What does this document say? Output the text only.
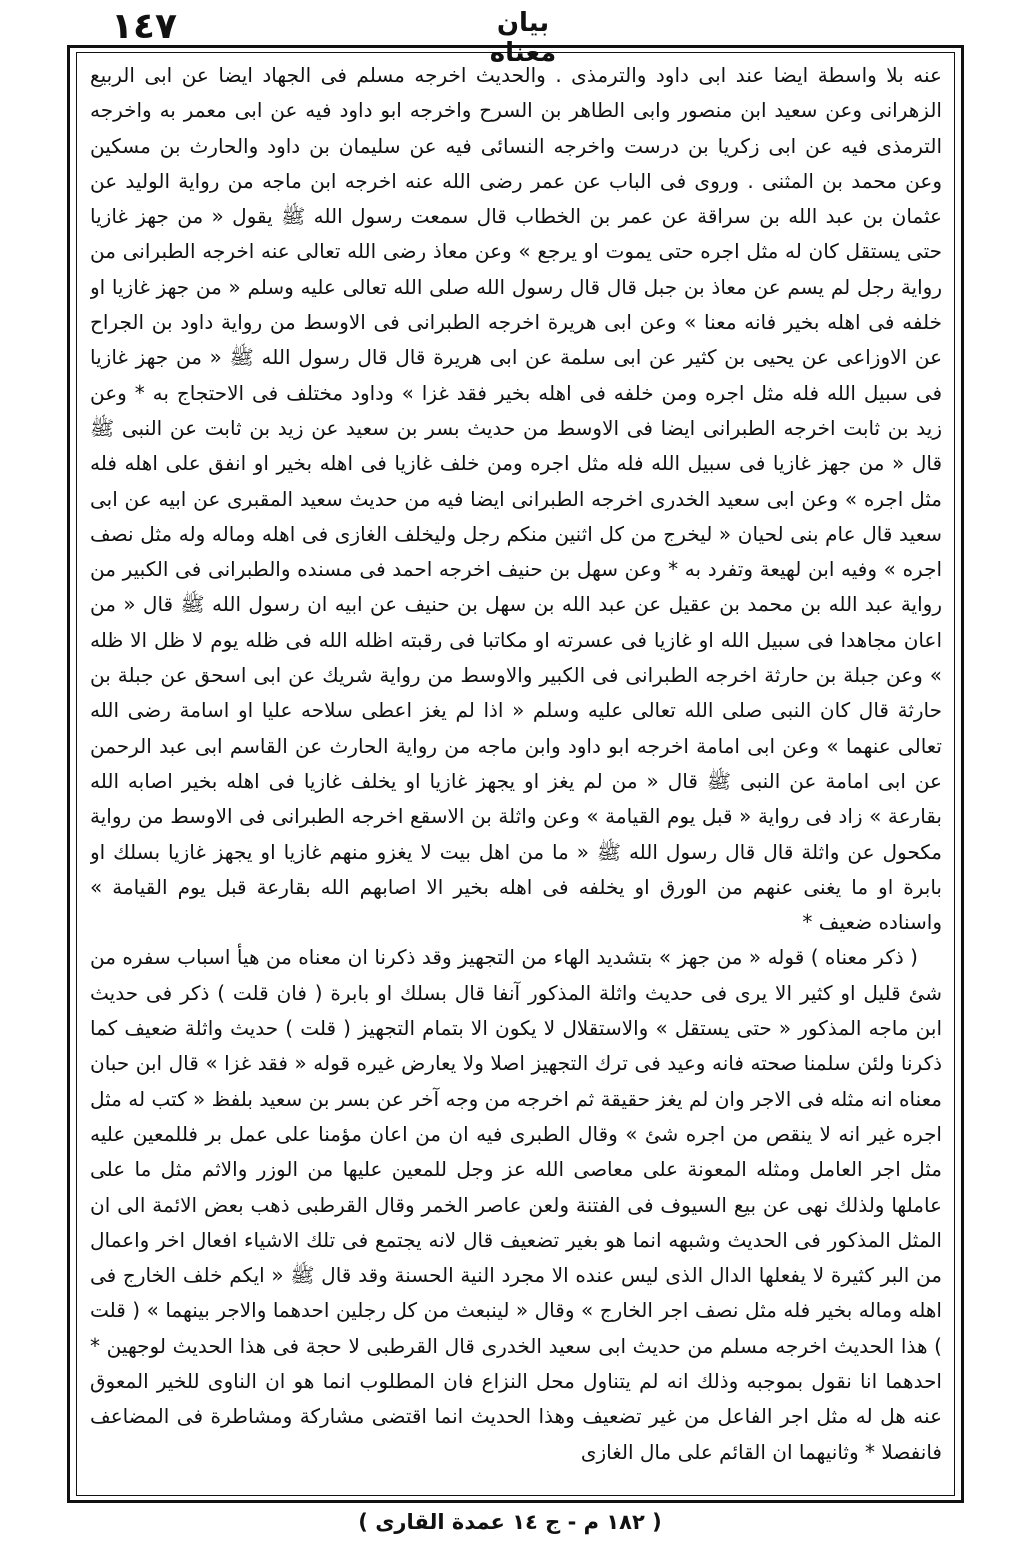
١٤٧	بيان معناه

عنه بلا واسطة ايضا عند ابى داود والترمذى . والحديث اخرجه مسلم فى الجهاد ايضا عن ابى الربيع الزهرانى وعن سعيد ابن منصور وابى الطاهر بن السرح واخرجه ابو داود فيه عن ابى معمر به واخرجه الترمذى فيه عن ابى زكريا بن درست واخرجه النسائى فيه عن سليمان بن داود والحارث بن مسكين وعن محمد بن المثنى . وروى فى الباب عن عمر رضى الله عنه اخرجه ابن ماجه من رواية الوليد عن عثمان بن عبد الله بن سراقة عن عمر بن الخطاب قال سمعت رسول الله ﷺ يقول « من جهز غازيا حتى يستقل كان له مثل اجره حتى يموت او يرجع » وعن معاذ رضى الله تعالى عنه اخرجه الطبرانى من رواية رجل لم يسم عن معاذ بن جبل قال قال رسول الله صلى الله تعالى عليه وسلم « من جهز غازيا او خلفه فى اهله بخير فانه معنا » وعن ابى هريرة اخرجه الطبرانى فى الاوسط من رواية داود بن الجراح عن الاوزاعى عن يحيى بن كثير عن ابى سلمة عن ابى هريرة قال قال رسول الله ﷺ « من جهز غازيا فى سبيل الله فله مثل اجره ومن خلفه فى اهله بخير فقد غزا » وداود مختلف فى الاحتجاج به * وعن زيد بن ثابت اخرجه الطبرانى ايضا فى الاوسط من حديث بسر بن سعيد عن زيد بن ثابت عن النبى ﷺ قال « من جهز غازيا فى سبيل الله فله مثل اجره ومن خلف غازيا فى اهله بخير او انفق على اهله فله مثل اجره » وعن ابى سعيد الخدرى اخرجه الطبرانى ايضا فيه من حديث سعيد المقبرى عن ابيه عن ابى سعيد قال عام بنى لحيان « ليخرج من كل اثنين منكم رجل وليخلف الغازى فى اهله وماله وله مثل نصف اجره » وفيه ابن لهيعة وتفرد به * وعن سهل بن حنيف اخرجه احمد فى مسنده والطبرانى فى الكبير من رواية عبد الله بن محمد بن عقيل عن عبد الله بن سهل بن حنيف عن ابيه ان رسول الله ﷺ قال « من اعان مجاهدا فى سبيل الله او غازيا فى عسرته او مكاتبا فى رقبته اظله الله فى ظله يوم لا ظل الا ظله » وعن جبلة بن حارثة اخرجه الطبرانى فى الكبير والاوسط من رواية شريك عن ابى اسحق عن جبلة بن حارثة قال كان النبى صلى الله تعالى عليه وسلم « اذا لم يغز اعطى سلاحه عليا او اسامة رضى الله تعالى عنهما » وعن ابى امامة اخرجه ابو داود وابن ماجه من رواية الحارث عن القاسم ابى عبد الرحمن عن ابى امامة عن النبى ﷺ قال « من لم يغز او يجهز غازيا او يخلف غازيا فى اهله بخير اصابه الله بقارعة » زاد فى رواية « قبل يوم القيامة » وعن واثلة بن الاسقع اخرجه الطبرانى فى الاوسط من رواية مكحول عن واثلة قال قال رسول الله ﷺ « ما من اهل بيت لا يغزو منهم غازيا او يجهز غازيا بسلك او بابرة او ما يغنى عنهم من الورق او يخلفه فى اهله بخير الا اصابهم الله بقارعة قبل يوم القيامة » واسناده ضعيف *

( ذكر معناه ) قوله « من جهز » بتشديد الهاء من التجهيز وقد ذكرنا ان معناه من هيأ اسباب سفره من شئ قليل او كثير الا يرى فى حديث واثلة المذكور آنفا قال بسلك او بابرة ( فان قلت ) ذكر فى حديث ابن ماجه المذكور « حتى يستقل » والاستقلال لا يكون الا بتمام التجهيز ( قلت ) حديث واثلة ضعيف كما ذكرنا ولئن سلمنا صحته فانه وعيد فى ترك التجهيز اصلا ولا يعارض غيره قوله « فقد غزا » قال ابن حبان معناه انه مثله فى الاجر وان لم يغز حقيقة ثم اخرجه من وجه آخر عن بسر بن سعيد بلفظ « كتب له مثل اجره غير انه لا ينقص من اجره شئ » وقال الطبرى فيه ان من اعان مؤمنا على عمل بر فللمعين عليه مثل اجر العامل ومثله المعونة على معاصى الله عز وجل للمعين عليها من الوزر والاثم مثل ما على عاملها ولذلك نهى عن بيع السيوف فى الفتنة ولعن عاصر الخمر وقال القرطبى ذهب بعض الائمة الى ان المثل المذكور فى الحديث وشبهه انما هو بغير تضعيف قال لانه يجتمع فى تلك الاشياء افعال اخر واعمال من البر كثيرة لا يفعلها الدال الذى ليس عنده الا مجرد النية الحسنة وقد قال ﷺ « ايكم خلف الخارج فى اهله وماله بخير فله مثل نصف اجر الخارج » وقال « لينبعث من كل رجلين احدهما والاجر بينهما » ( قلت ) هذا الحديث اخرجه مسلم من حديث ابى سعيد الخدرى قال القرطبى لا حجة فى هذا الحديث لوجهين * احدهما انا نقول بموجبه وذلك انه لم يتناول محل النزاع فان المطلوب انما هو ان الناوى للخير المعوق عنه هل له مثل اجر الفاعل من غير تضعيف وهذا الحديث انما اقتضى مشاركة ومشاطرة فى المضاعف فانفصلا * وثانيهما ان القائم على مال الغازى

( ١٨٢ م - ج ١٤ عمدة القارى )
